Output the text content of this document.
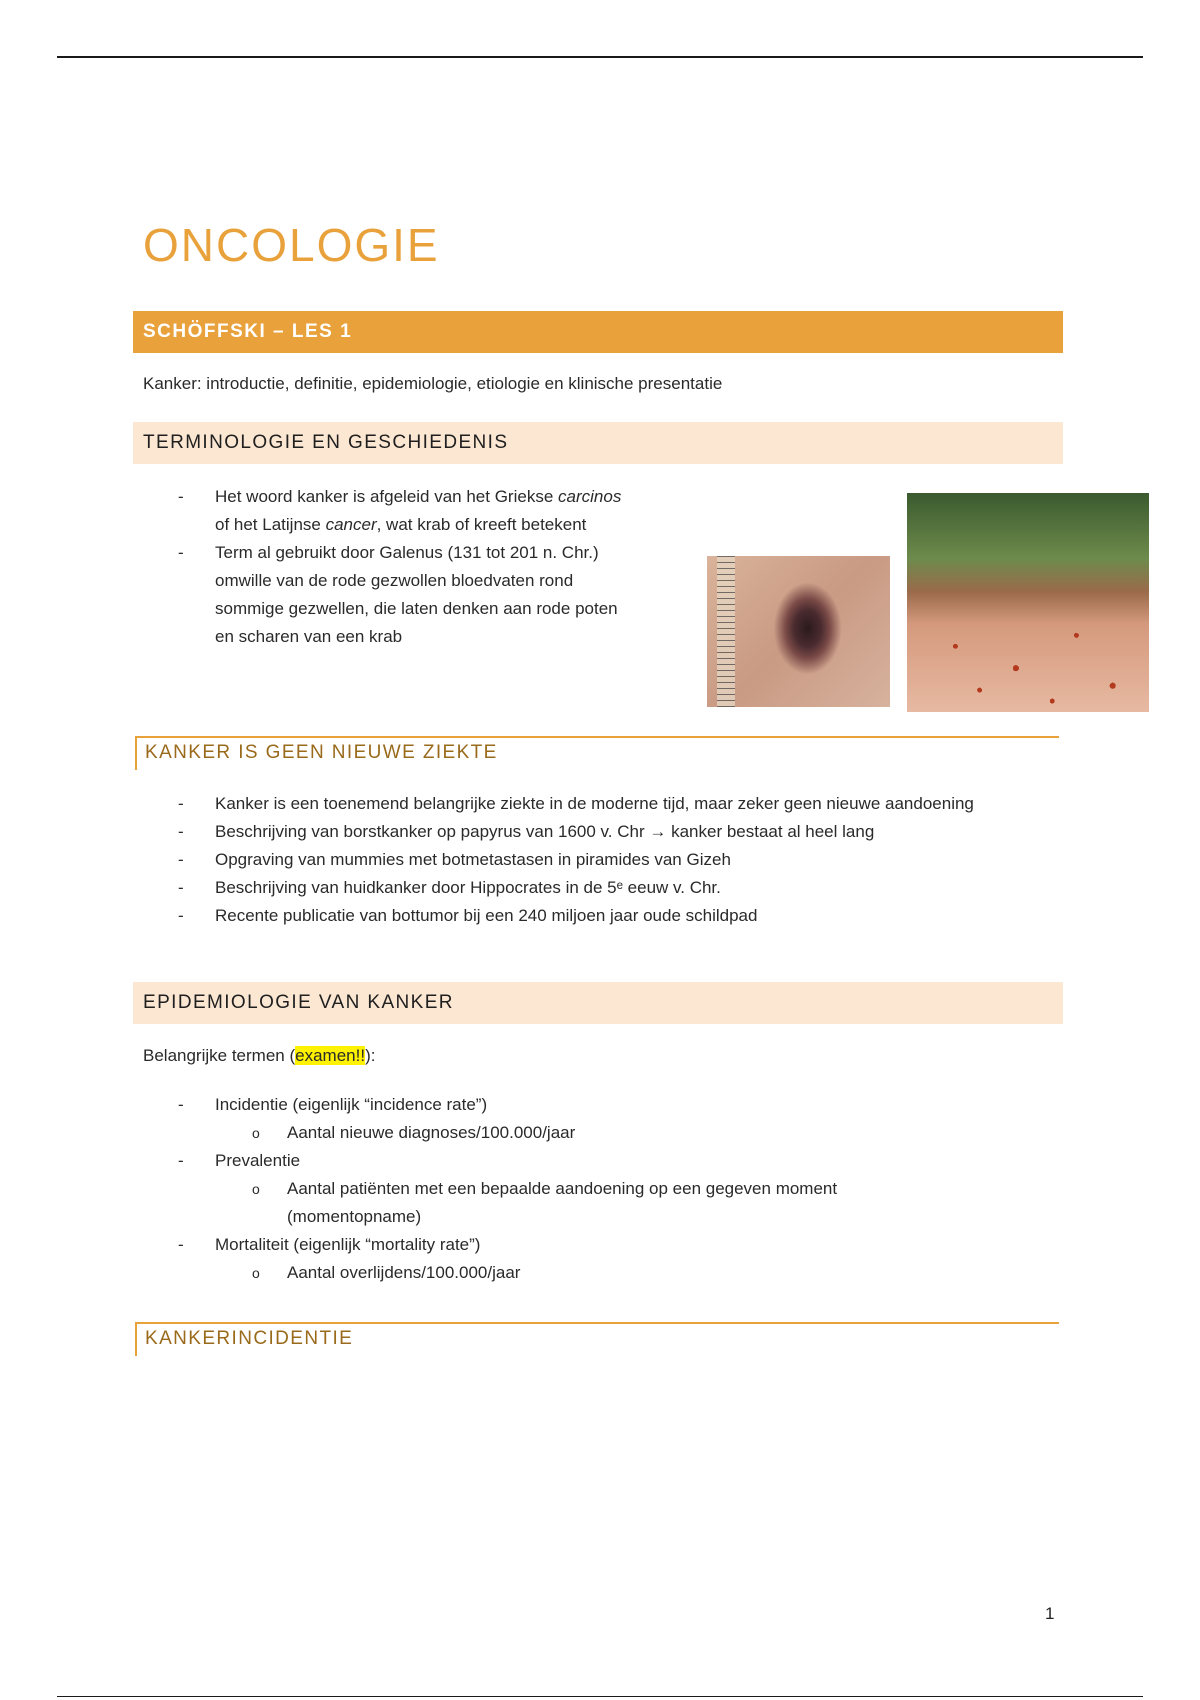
ONCOLOGIE
SCHÖFFSKI – LES 1

Kanker: introductie, definitie, epidemiologie, etiologie en klinische presentatie

TERMINOLOGIE EN GESCHIEDENIS
- Het woord kanker is afgeleid van het Griekse carcinos
of het Latijnse cancer, wat krab of kreeft betekent
- Term al gebruikt door Galenus (131 tot 201 n. Chr.)
omwille van de rode gezwollen bloedvaten rond
sommige gezwellen, die laten denken aan rode poten
en scharen van een krab
KANKER IS GEEN NIEUWE ZIEKTE
- Kanker is een toenemend belangrijke ziekte in de moderne tijd, maar zeker geen nieuwe aandoening
- Beschrijving van borstkanker op papyrus van 1600 v. Chr → kanker bestaat al heel lang
- Opgraving van mummies met botmetastasen in piramides van Gizeh
- Beschrijving van huidkanker door Hippocrates in de 5ᵉ eeuw v. Chr.
- Recente publicatie van bottumor bij een 240 miljoen jaar oude schildpad
EPIDEMIOLOGIE VAN KANKER

Belangrijke termen (examen!!):

- Incidentie (eigenlijk “incidence rate”)
o Aantal nieuwe diagnoses/100.000/jaar
- Prevalentie
o Aantal patiënten met een bepaalde aandoening op een gegeven moment (momentopname)
- Mortaliteit (eigenlijk “mortality rate”)
o Aantal overlijdens/100.000/jaar
KANKERINCIDENTIE

1
